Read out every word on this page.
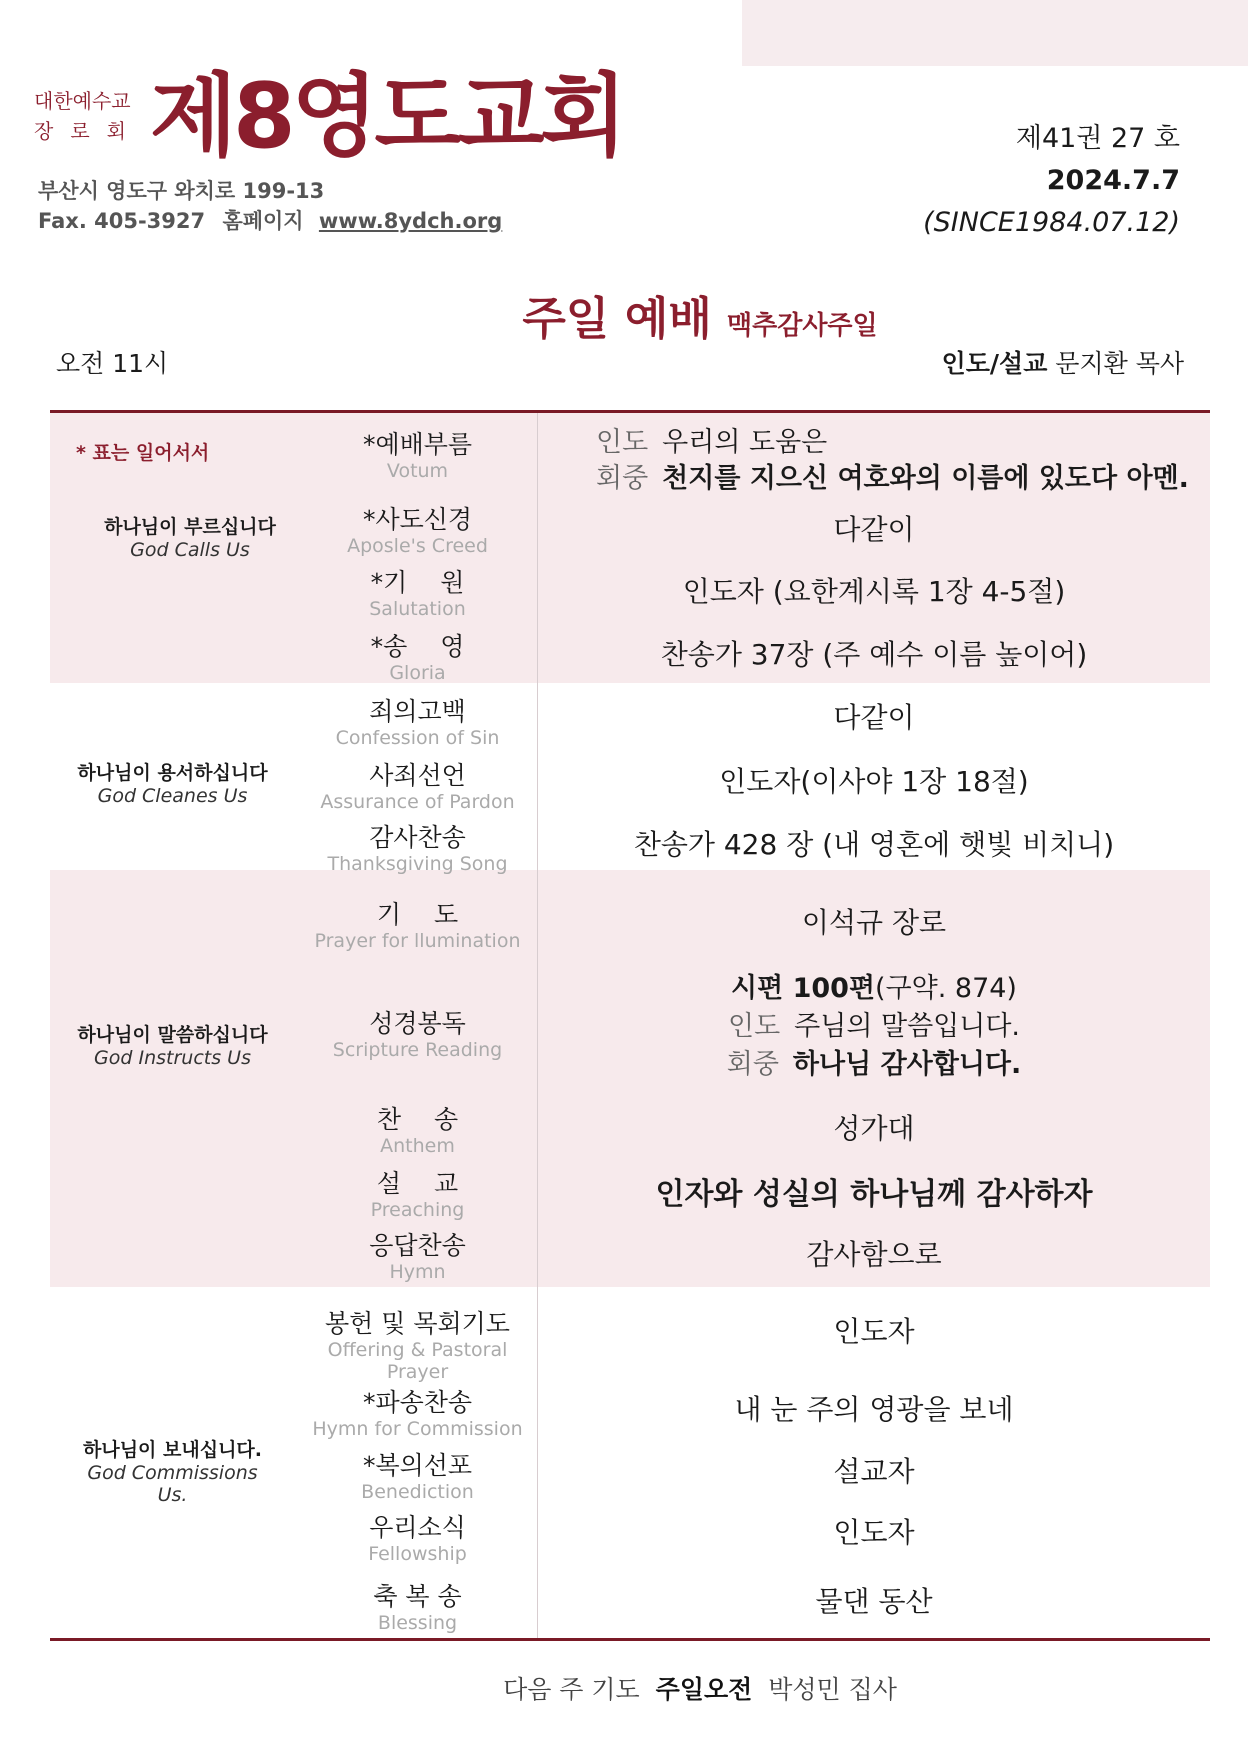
대한예수교
장로회 제8영도교회
부산시 영도구 와치로 199-13
Fax. 405-3927 홈페이지 www.8ydch.org
제41권 27 호
2024.7.7
(SINCE1984.07.12)
주일 예배 맥추감사주일
오전 11시	인도/설교 문지환 목사
* 표는 일어서서
하나님이 부르십니다
God Calls Us
하나님이 용서하십니다
God Cleanes Us
하나님이 말씀하십니다
God Instructs Us
하나님이 보내십니다.
God Commissions Us.
*예배부름
Votum
*사도신경
Aposle's Creed
*기　 원
Salutation
*송　 영
Gloria
죄의고백
Confession of Sin
사죄선언
Assurance of Pardon
감사찬송
Thanksgiving Song
기　 도
Prayer for llumination
성경봉독
Scripture Reading
찬　 송
Anthem
설　 교
Preaching
응답찬송
Hymn
봉헌 및 목회기도
Offering & Pastoral Prayer
*파송찬송
Hymn for Commission
*복의선포
Benediction
우리소식
Fellowship
축 복 송
Blessing
인도 우리의 도움은
회중 천지를 지으신 여호와의 이름에 있도다 아멘.
다같이
인도자 (요한계시록 1장 4-5절)
찬송가 37장 (주 예수 이름 높이어)
다같이
인도자(이사야 1장 18절)
찬송가 428 장 (내 영혼에 햇빛 비치니)
이석규 장로
시편 100편(구약. 874)
인도 주님의 말씀입니다.
회중 하나님 감사합니다.
성가대
인자와 성실의 하나님께 감사하자
감사함으로
인도자
내 눈 주의 영광을 보네
설교자
인도자
물댄 동산
다음 주 기도 주일오전 박성민 집사
